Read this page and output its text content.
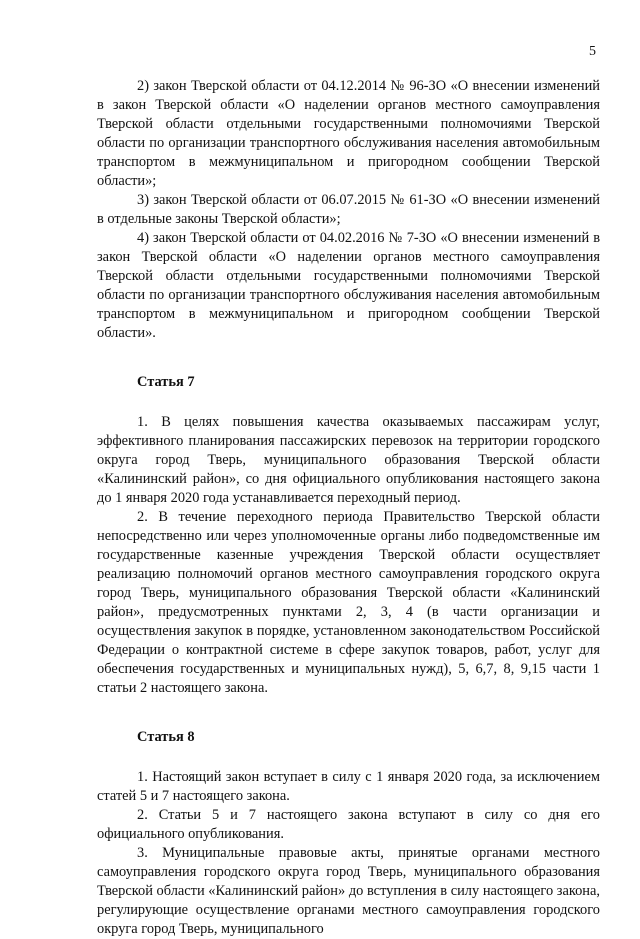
5

2) закон Тверской области от 04.12.2014 № 96-ЗО «О внесении изменений в закон Тверской области «О наделении органов местного самоуправления Тверской области отдельными государственными полномочиями Тверской области по организации транспортного обслуживания населения автомобильным транспортом в межмуниципальном и пригородном сообщении Тверской области»;

3) закон Тверской области от 06.07.2015 № 61-ЗО «О внесении изменений в отдельные законы Тверской области»;

4) закон Тверской области от 04.02.2016 № 7-ЗО «О внесении изменений в закон Тверской области «О наделении органов местного самоуправления Тверской области отдельными государственными полномочиями Тверской области по организации транспортного обслуживания населения автомобильным транспортом в межмуниципальном и пригородном сообщении Тверской области».

Статья 7

1. В целях повышения качества оказываемых пассажирам услуг, эффективного планирования пассажирских перевозок на территории городского округа город Тверь, муниципального образования Тверской области «Калининский район», со дня официального опубликования настоящего закона до 1 января 2020 года устанавливается переходный период.

2. В течение переходного периода Правительство Тверской области непосредственно или через уполномоченные органы либо подведомственные им государственные казенные учреждения Тверской области осуществляет реализацию полномочий органов местного самоуправления городского округа город Тверь, муниципального образования Тверской области «Калининский район», предусмотренных пунктами 2, 3, 4 (в части организации и осуществления закупок в порядке, установленном законодательством Российской Федерации о контрактной системе в сфере закупок товаров, работ, услуг для обеспечения государственных и муниципальных нужд), 5, 6,7, 8, 9,15 части 1 статьи 2 настоящего закона.

Статья 8

1. Настоящий закон вступает в силу с 1 января 2020 года, за исключением статей 5 и 7 настоящего закона.

2. Статьи 5 и 7 настоящего закона вступают в силу со дня его официального опубликования.

3. Муниципальные правовые акты, принятые органами местного самоуправления городского округа город Тверь, муниципального образования Тверской области «Калининский район» до вступления в силу настоящего закона, регулирующие осуществление органами местного самоуправления городского округа город Тверь, муниципального
